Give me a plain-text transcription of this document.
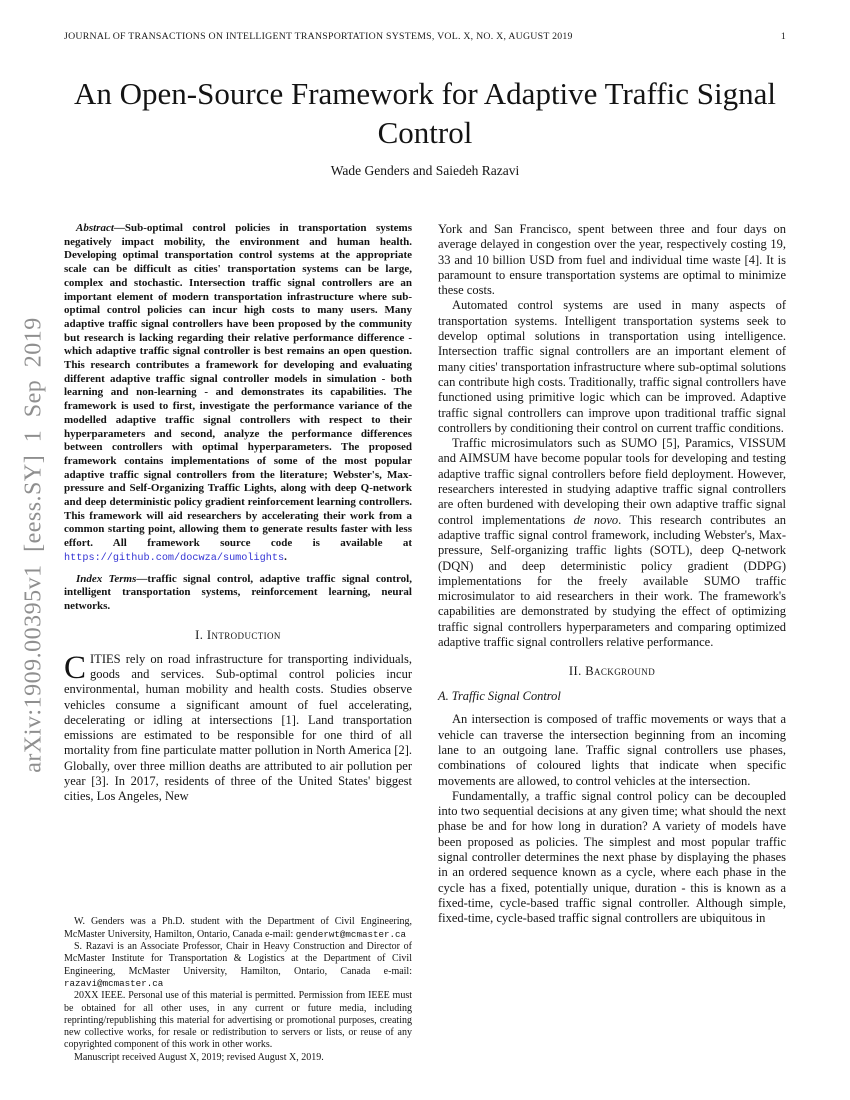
JOURNAL OF TRANSACTIONS ON INTELLIGENT TRANSPORTATION SYSTEMS, VOL. X, NO. X, AUGUST 2019	1
arXiv:1909.00395v1 [eess.SY] 1 Sep 2019
An Open-Source Framework for Adaptive Traffic Signal Control
Wade Genders and Saiedeh Razavi

Abstract—Sub-optimal control policies in transportation systems negatively impact mobility, the environment and human health. Developing optimal transportation control systems at the appropriate scale can be difficult as cities' transportation systems can be large, complex and stochastic. Intersection traffic signal controllers are an important element of modern transportation infrastructure where sub-optimal control policies can incur high costs to many users. Many adaptive traffic signal controllers have been proposed by the community but research is lacking regarding their relative performance difference - which adaptive traffic signal controller is best remains an open question. This research contributes a framework for developing and evaluating different adaptive traffic signal controller models in simulation - both learning and non-learning - and demonstrates its capabilities. The framework is used to first, investigate the performance variance of the modelled adaptive traffic signal controllers with respect to their hyperparameters and second, analyze the performance differences between controllers with optimal hyperparameters. The proposed framework contains implementations of some of the most popular adaptive traffic signal controllers from the literature; Webster's, Max-pressure and Self-Organizing Traffic Lights, along with deep Q-network and deep deterministic policy gradient reinforcement learning controllers. This framework will aid researchers by accelerating their work from a common starting point, allowing them to generate results faster with less effort. All framework source code is available at https://github.com/docwza/sumolights.

Index Terms—traffic signal control, adaptive traffic signal control, intelligent transportation systems, reinforcement learning, neural networks.

I. Introduction

CITIES rely on road infrastructure for transporting individuals, goods and services. Sub-optimal control policies incur environmental, human mobility and health costs. Studies observe vehicles consume a significant amount of fuel accelerating, decelerating or idling at intersections [1]. Land transportation emissions are estimated to be responsible for one third of all mortality from fine particulate matter pollution in North America [2]. Globally, over three million deaths are attributed to air pollution per year [3]. In 2017, residents of three of the United States' biggest cities, Los Angeles, New

W. Genders was a Ph.D. student with the Department of Civil Engineering, McMaster University, Hamilton, Ontario, Canada e-mail: genderwt@mcmaster.ca

S. Razavi is an Associate Professor, Chair in Heavy Construction and Director of McMaster Institute for Transportation & Logistics at the Department of Civil Engineering, McMaster University, Hamilton, Ontario, Canada e-mail: razavi@mcmaster.ca

20XX IEEE. Personal use of this material is permitted. Permission from IEEE must be obtained for all other uses, in any current or future media, including reprinting/republishing this material for advertising or promotional purposes, creating new collective works, for resale or redistribution to servers or lists, or reuse of any copyrighted component of this work in other works.

Manuscript received August X, 2019; revised August X, 2019.

York and San Francisco, spent between three and four days on average delayed in congestion over the year, respectively costing 19, 33 and 10 billion USD from fuel and individual time waste [4]. It is paramount to ensure transportation systems are optimal to minimize these costs.

Automated control systems are used in many aspects of transportation systems. Intelligent transportation systems seek to develop optimal solutions in transportation using intelligence. Intersection traffic signal controllers are an important element of many cities' transportation infrastructure where sub-optimal solutions can contribute high costs. Traditionally, traffic signal controllers have functioned using primitive logic which can be improved. Adaptive traffic signal controllers can improve upon traditional traffic signal controllers by conditioning their control on current traffic conditions.

Traffic microsimulators such as SUMO [5], Paramics, VISSUM and AIMSUM have become popular tools for developing and testing adaptive traffic signal controllers before field deployment. However, researchers interested in studying adaptive traffic signal controllers are often burdened with developing their own adaptive traffic signal control implementations de novo. This research contributes an adaptive traffic signal control framework, including Webster's, Max-pressure, Self-organizing traffic lights (SOTL), deep Q-network (DQN) and deep deterministic policy gradient (DDPG) implementations for the freely available SUMO traffic microsimulator to aid researchers in their work. The framework's capabilities are demonstrated by studying the effect of optimizing traffic signal controllers hyperparameters and comparing optimized adaptive traffic signal controllers relative performance.

II. Background
A. Traffic Signal Control

An intersection is composed of traffic movements or ways that a vehicle can traverse the intersection beginning from an incoming lane to an outgoing lane. Traffic signal controllers use phases, combinations of coloured lights that indicate when specific movements are allowed, to control vehicles at the intersection.

Fundamentally, a traffic signal control policy can be decoupled into two sequential decisions at any given time; what should the next phase be and for how long in duration? A variety of models have been proposed as policies. The simplest and most popular traffic signal controller determines the next phase by displaying the phases in an ordered sequence known as a cycle, where each phase in the cycle has a fixed, potentially unique, duration - this is known as a fixed-time, cycle-based traffic signal controller. Although simple, fixed-time, cycle-based traffic signal controllers are ubiquitous in
